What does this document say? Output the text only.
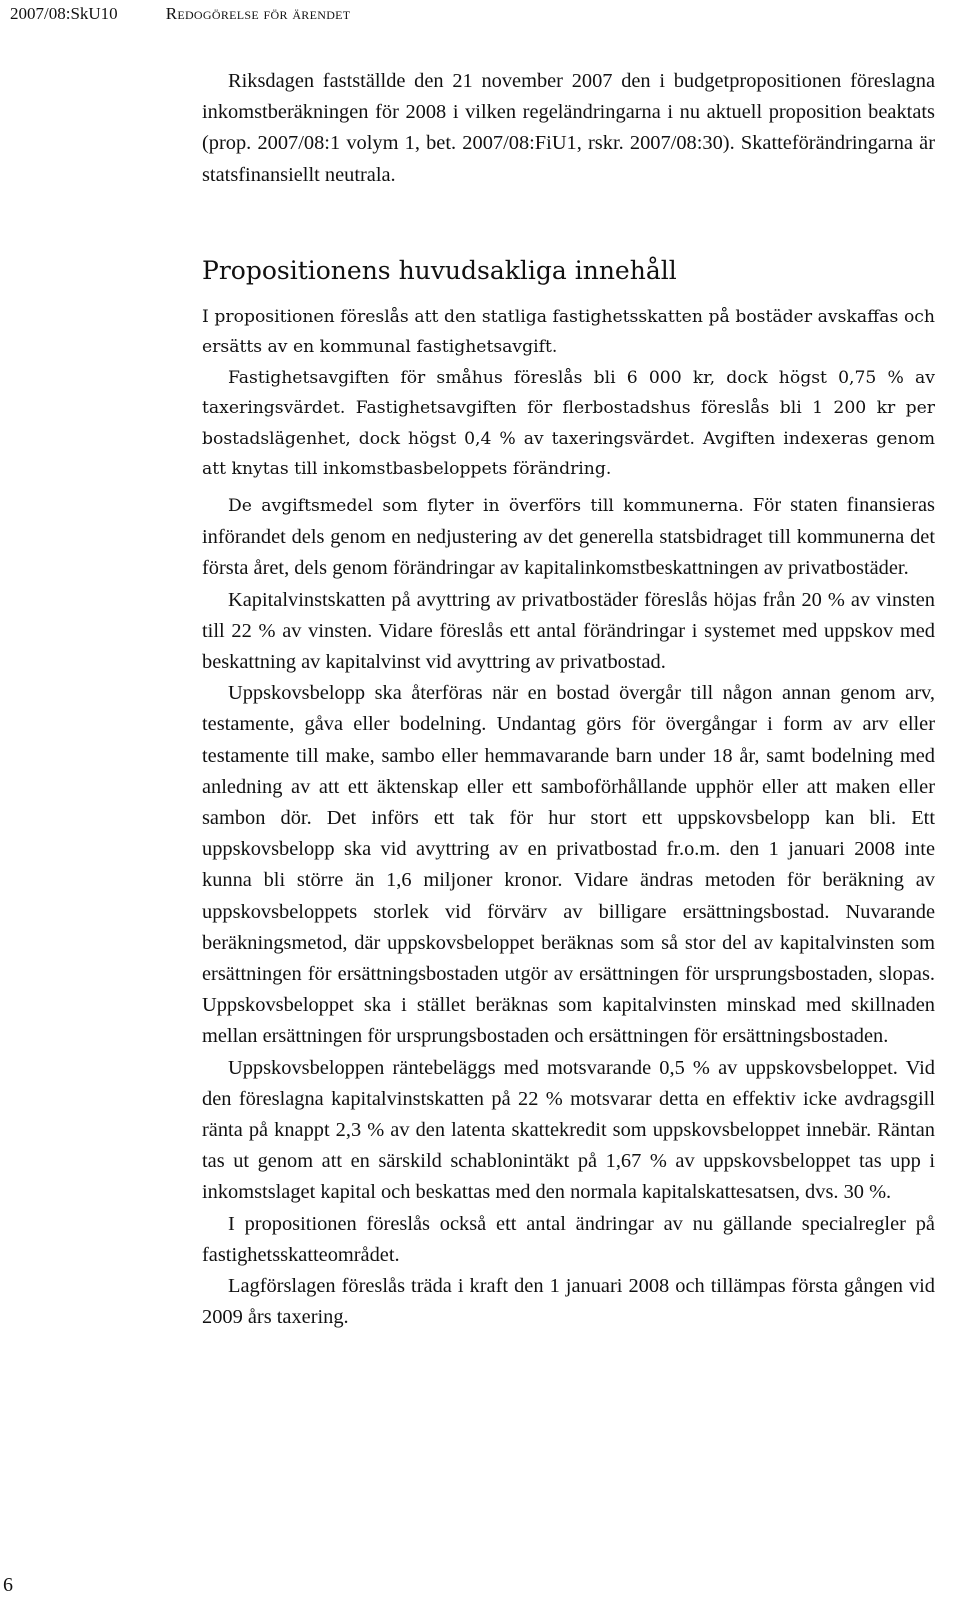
2007/08:SkU10	Redogörelse för ärendet

Riksdagen fastställde den 21 november 2007 den i budgetpropositionen föreslagna inkomstberäkningen för 2008 i vilken regeländringarna i nu aktuell proposition beaktats (prop. 2007/08:1 volym 1, bet. 2007/08:FiU1, rskr. 2007/08:30). Skatteförändringarna är statsfinansiellt neutrala.

Propositionens huvudsakliga innehåll

I propositionen föreslås att den statliga fastighetsskatten på bostäder avskaffas och ersätts av en kommunal fastighetsavgift.

Fastighetsavgiften för småhus föreslås bli 6 000 kr, dock högst 0,75 % av taxeringsvärdet. Fastighetsavgiften för flerbostadshus föreslås bli 1 200 kr per bostadslägenhet, dock högst 0,4 % av taxeringsvärdet. Avgiften indexeras genom att knytas till inkomstbasbeloppets förändring.

De avgiftsmedel som flyter in överförs till kommunerna. För staten finansieras införandet dels genom en nedjustering av det generella statsbidraget till kommunerna det första året, dels genom förändringar av kapitalinkomstbeskattningen av privatbostäder.

Kapitalvinstskatten på avyttring av privatbostäder föreslås höjas från 20 % av vinsten till 22 % av vinsten. Vidare föreslås ett antal förändringar i systemet med uppskov med beskattning av kapitalvinst vid avyttring av privatbostad.

Uppskovsbelopp ska återföras när en bostad övergår till någon annan genom arv, testamente, gåva eller bodelning. Undantag görs för övergångar i form av arv eller testamente till make, sambo eller hemmavarande barn under 18 år, samt bodelning med anledning av att ett äktenskap eller ett samboförhållande upphör eller att maken eller sambon dör. Det införs ett tak för hur stort ett uppskovsbelopp kan bli. Ett uppskovsbelopp ska vid avyttring av en privatbostad fr.o.m. den 1 januari 2008 inte kunna bli större än 1,6 miljoner kronor. Vidare ändras metoden för beräkning av uppskovsbeloppets storlek vid förvärv av billigare ersättningsbostad. Nuvarande beräkningsmetod, där uppskovsbeloppet beräknas som så stor del av kapitalvinsten som ersättningen för ersättningsbostaden utgör av ersättningen för ursprungsbostaden, slopas. Uppskovsbeloppet ska i stället beräknas som kapitalvinsten minskad med skillnaden mellan ersättningen för ursprungsbostaden och ersättningen för ersättningsbostaden.

Uppskovsbeloppen räntebeläggs med motsvarande 0,5 % av uppskovsbeloppet. Vid den föreslagna kapitalvinstskatten på 22 % motsvarar detta en effektiv icke avdragsgill ränta på knappt 2,3 % av den latenta skattekredit som uppskovsbeloppet innebär. Räntan tas ut genom att en särskild schablonintäkt på 1,67 % av uppskovsbeloppet tas upp i inkomstslaget kapital och beskattas med den normala kapitalskattesatsen, dvs. 30 %.

I propositionen föreslås också ett antal ändringar av nu gällande specialregler på fastighetsskatteområdet.

Lagförslagen föreslås träda i kraft den 1 januari 2008 och tillämpas första gången vid 2009 års taxering.

6
